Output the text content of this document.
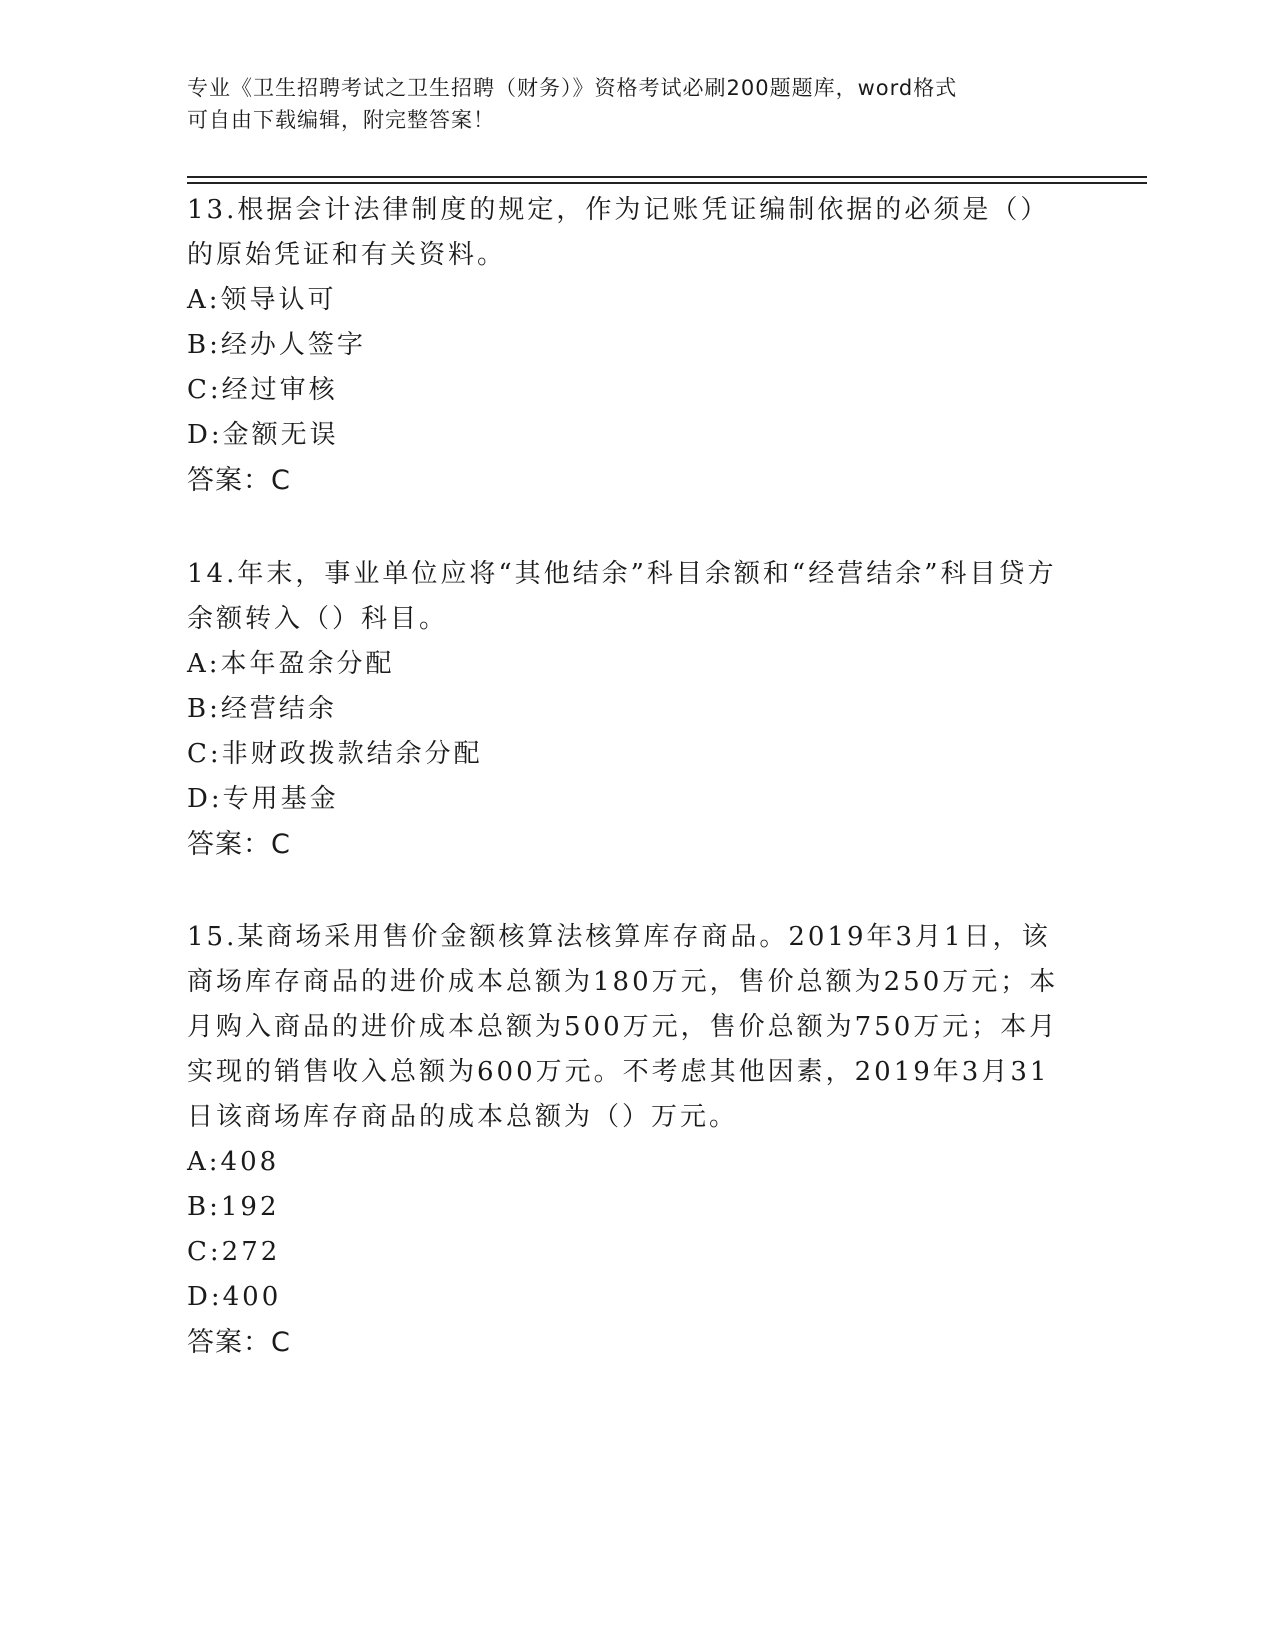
专业《卫生招聘考试之卫生招聘（财务）》资格考试必刷200题题库，word格式
可自由下载编辑，附完整答案！

13.根据会计法律制度的规定，作为记账凭证编制依据的必须是（）的原始凭证和有关资料。

A:领导认可
B:经办人签字
C:经过审核
D:金额无误

答案：C

14.年末，事业单位应将“其他结余”科目余额和“经营结余”科目贷方余额转入（）科目。

A:本年盈余分配
B:经营结余
C:非财政拨款结余分配
D:专用基金

答案：C

15.某商场采用售价金额核算法核算库存商品。2019年3月1日，该商场库存商品的进价成本总额为180万元，售价总额为250万元；本月购入商品的进价成本总额为500万元，售价总额为750万元；本月实现的销售收入总额为600万元。不考虑其他因素，2019年3月31日该商场库存商品的成本总额为（）万元。

A:408
B:192
C:272
D:400

答案：C
